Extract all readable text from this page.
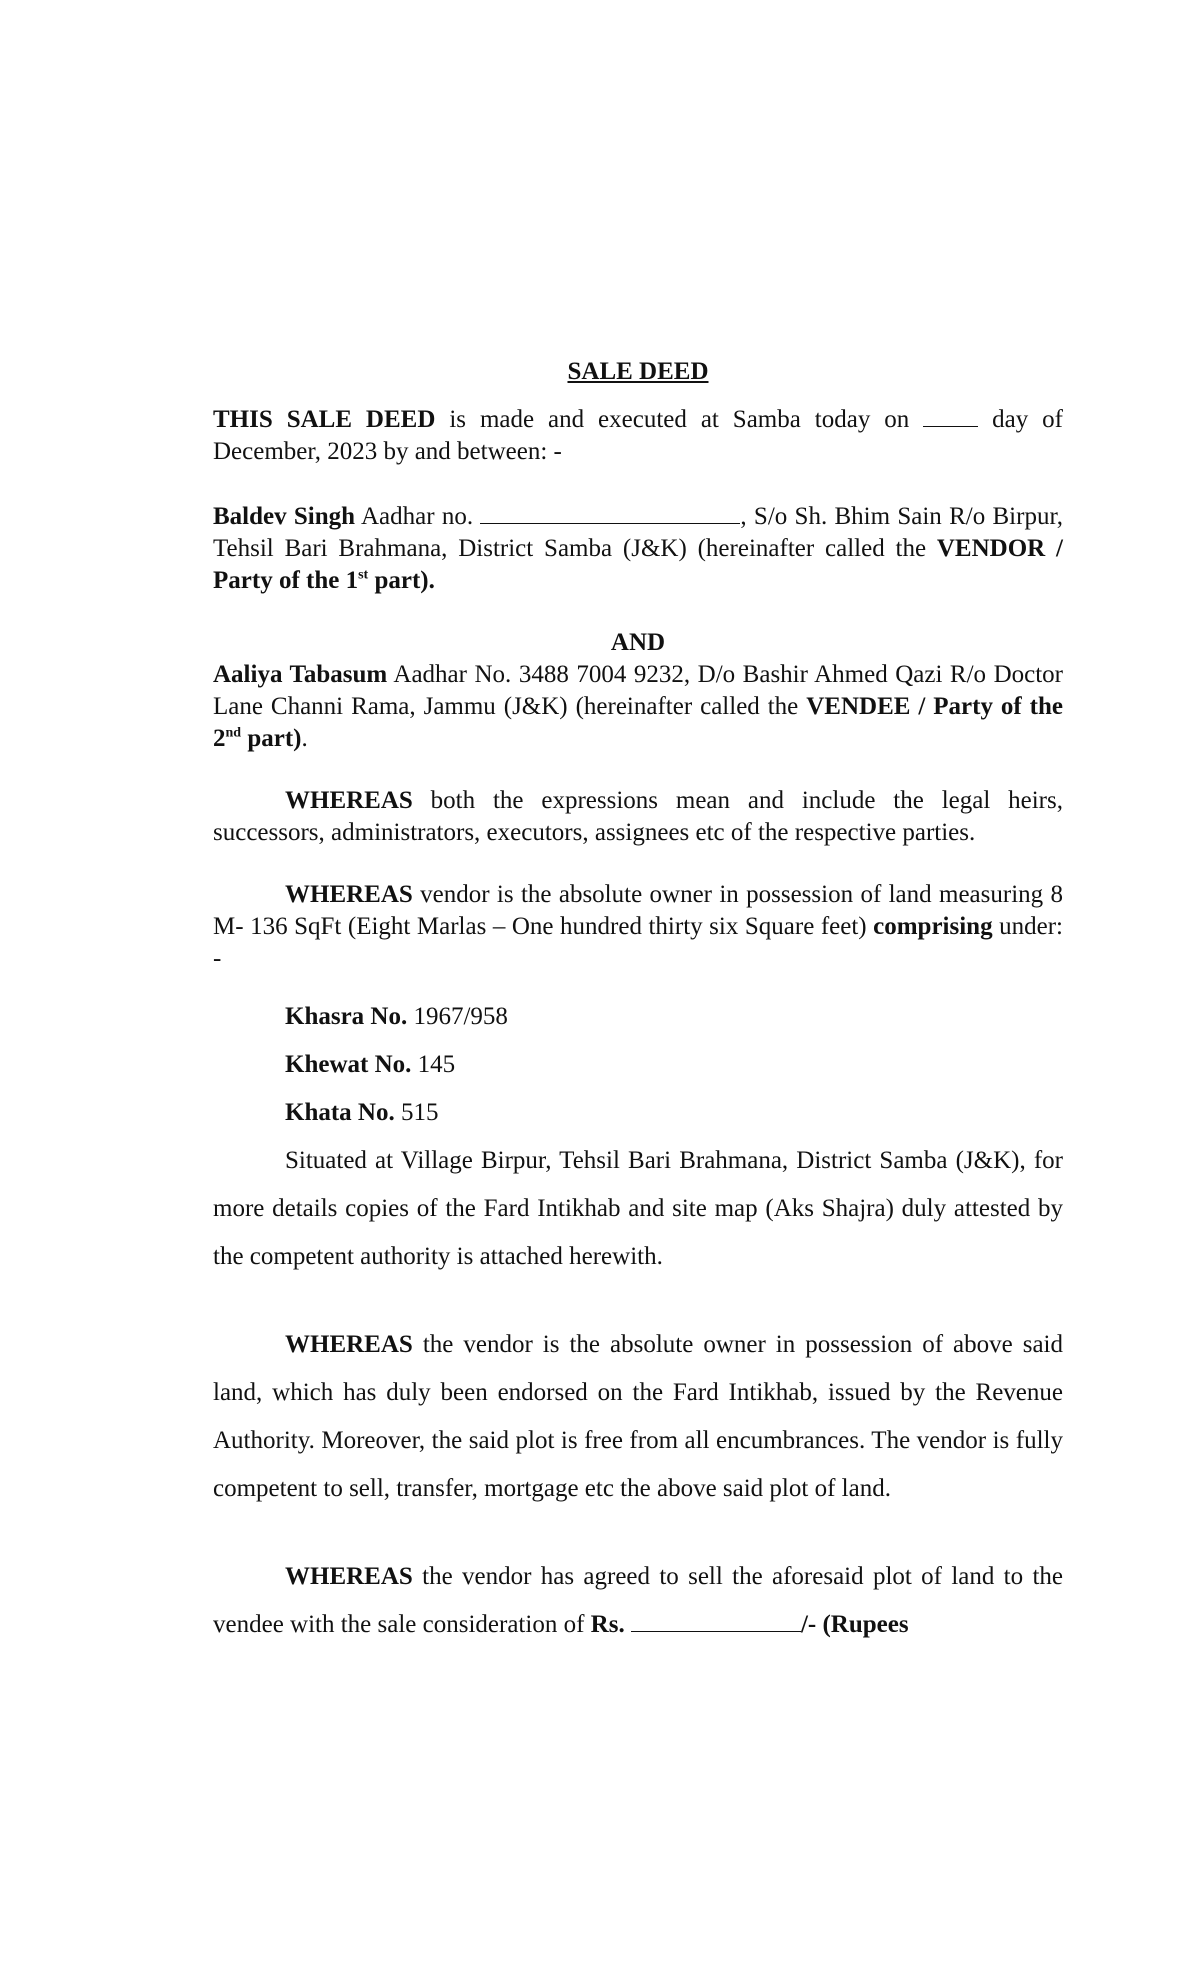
SALE DEED

THIS SALE DEED is made and executed at Samba today on  day of December, 2023 by and between: -

Baldev Singh Aadhar no.	, S/o Sh. Bhim Sain R/o Birpur, Tehsil Bari Brahmana, District Samba (J&K) (hereinafter called the VENDOR / Party of the 1st part).

AND

Aaliya Tabasum Aadhar No. 3488 7004 9232, D/o Bashir Ahmed Qazi R/o Doctor Lane Channi Rama, Jammu (J&K) (hereinafter called the VENDEE / Party of the 2nd part).

WHEREAS both the expressions mean and include the legal heirs, successors, administrators, executors, assignees etc of the respective parties.

WHEREAS vendor is the absolute owner in possession of land measuring 8 M- 136 SqFt (Eight Marlas – One hundred thirty six Square feet) comprising under: -

Khasra No. 1967/958

Khewat No. 145

Khata No. 515

Situated at Village Birpur, Tehsil Bari Brahmana, District Samba (J&K), for more details copies of the Fard Intikhab and site map (Aks Shajra) duly attested by the competent authority is attached herewith.

WHEREAS the vendor is the absolute owner in possession of above said land, which has duly been endorsed on the Fard Intikhab, issued by the Revenue Authority. Moreover, the said plot is free from all encumbrances. The vendor is fully competent to sell, transfer, mortgage etc the above said plot of land.

WHEREAS the vendor has agreed to sell the aforesaid plot of land to the vendee with the sale consideration of Rs.	/- (Rupees
